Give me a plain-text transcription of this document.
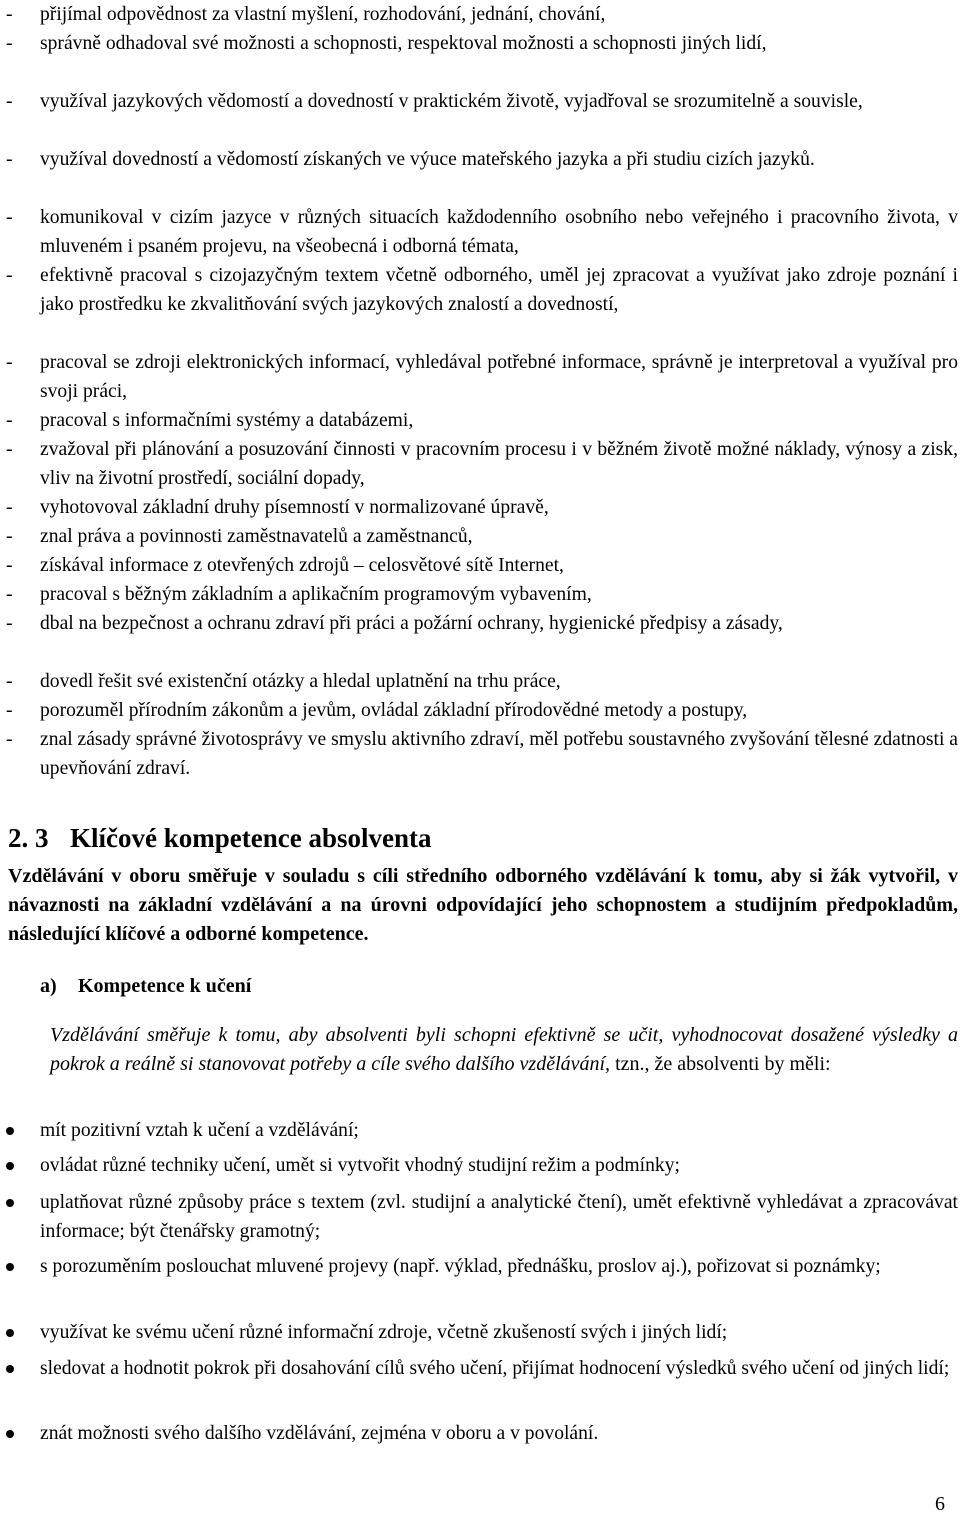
- přijímal odpovědnost za vlastní myšlení, rozhodování, jednání, chování,
- správně odhadoval své možnosti a schopnosti, respektoval možnosti a schopnosti jiných lidí,
- využíval jazykových vědomostí a dovedností v praktickém životě, vyjadřoval se srozumitelně a souvisle,
- využíval dovedností a vědomostí získaných ve výuce mateřského jazyka a při studiu cizích jazyků.
- komunikoval v cizím jazyce v různých situacích každodenního osobního nebo veřejného i pracovního života, v mluveném i psaném projevu, na všeobecná i odborná témata,
- efektivně pracoval s cizojazyčným textem včetně odborného, uměl jej zpracovat a využívat jako zdroje poznání i jako prostředku ke zkvalitňování svých jazykových znalostí a dovedností,
- pracoval se zdroji elektronických informací, vyhledával potřebné informace, správně je interpretoval a využíval pro svoji práci,
- pracoval s informačními systémy a databázemi,
- zvažoval při plánování a posuzování činnosti v pracovním procesu i v běžném životě možné náklady, výnosy a zisk, vliv na životní prostředí, sociální dopady,
- vyhotovoval základní druhy písemností v normalizované úpravě,
- znal práva a povinnosti zaměstnavatelů a zaměstnanců,
- získával informace z otevřených zdrojů – celosvětové sítě Internet,
- pracoval s běžným základním a aplikačním programovým vybavením,
- dbal na bezpečnost a ochranu zdraví při práci a požární ochrany, hygienické předpisy a zásady,
- dovedl řešit své existenční otázky a hledal uplatnění na trhu práce,
- porozuměl přírodním zákonům a jevům, ovládal základní přírodovědné metody a postupy,
- znal zásady správné životosprávy ve smyslu aktivního zdraví, měl potřebu soustavného zvyšování tělesné zdatnosti a upevňování zdraví.
2. 3 Klíčové kompetence absolventa
Vzdělávání v oboru směřuje v souladu s cíli středního odborného vzdělávání k tomu, aby si žák vytvořil, v návaznosti na základní vzdělávání a na úrovni odpovídající jeho schopnostem a studijním předpokladům, následující klíčové a odborné kompetence.
a) Kompetence k učení
Vzdělávání směřuje k tomu, aby absolventi byli schopni efektivně se učit, vyhodnocovat dosažené výsledky a pokrok a reálně si stanovovat potřeby a cíle svého dalšího vzdělávání, tzn., že absolventi by měli:
mít pozitivní vztah k učení a vzdělávání;
ovládat různé techniky učení, umět si vytvořit vhodný studijní režim a podmínky;
uplatňovat různé způsoby práce s textem (zvl. studijní a analytické čtení), umět efektivně vyhledávat a zpracovávat informace; být čtenářsky gramotný;
s porozuměním poslouchat mluvené projevy (např. výklad, přednášku, proslov aj.), pořizovat si poznámky;
využívat ke svému učení různé informační zdroje, včetně zkušeností svých i jiných lidí;
sledovat a hodnotit pokrok při dosahování cílů svého učení, přijímat hodnocení výsledků svého učení od jiných lidí;
znát možnosti svého dalšího vzdělávání, zejména v oboru a v povolání.
6
